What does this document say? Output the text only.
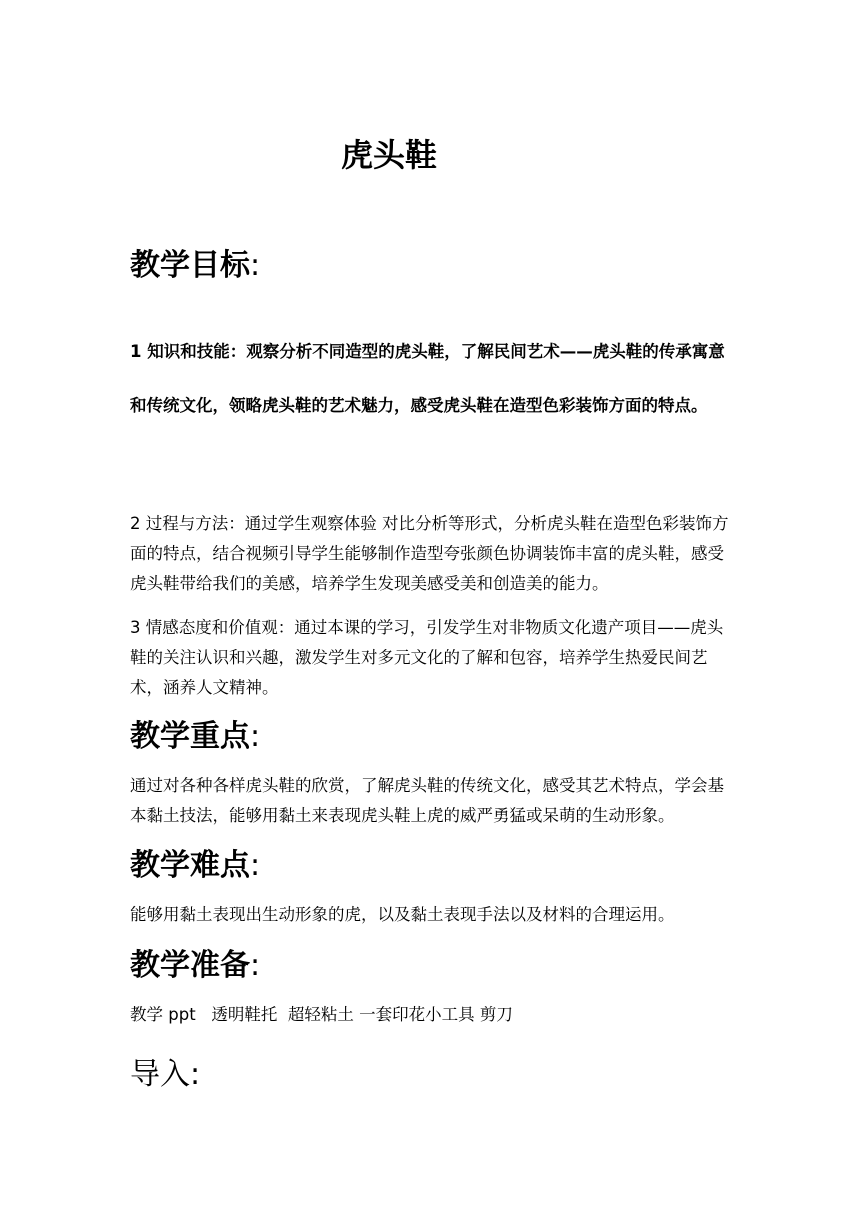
虎头鞋
教学目标:
1 知识和技能：观察分析不同造型的虎头鞋，了解民间艺术——虎头鞋的传承寓意和传统文化，领略虎头鞋的艺术魅力，感受虎头鞋在造型色彩装饰方面的特点。
2 过程与方法：通过学生观察体验 对比分析等形式，分析虎头鞋在造型色彩装饰方面的特点，结合视频引导学生能够制作造型夸张颜色协调装饰丰富的虎头鞋，感受虎头鞋带给我们的美感，培养学生发现美感受美和创造美的能力。
3 情感态度和价值观：通过本课的学习，引发学生对非物质文化遗产项目——虎头鞋的关注认识和兴趣，激发学生对多元文化的了解和包容，培养学生热爱民间艺术，涵养人文精神。
教学重点:
通过对各种各样虎头鞋的欣赏，了解虎头鞋的传统文化，感受其艺术特点，学会基本黏土技法，能够用黏土来表现虎头鞋上虎的威严勇猛或呆萌的生动形象。
教学难点:
能够用黏土表现出生动形象的虎，以及黏土表现手法以及材料的合理运用。
教学准备:
教学 ppt   透明鞋托  超轻粘土 一套印花小工具 剪刀
导入:
